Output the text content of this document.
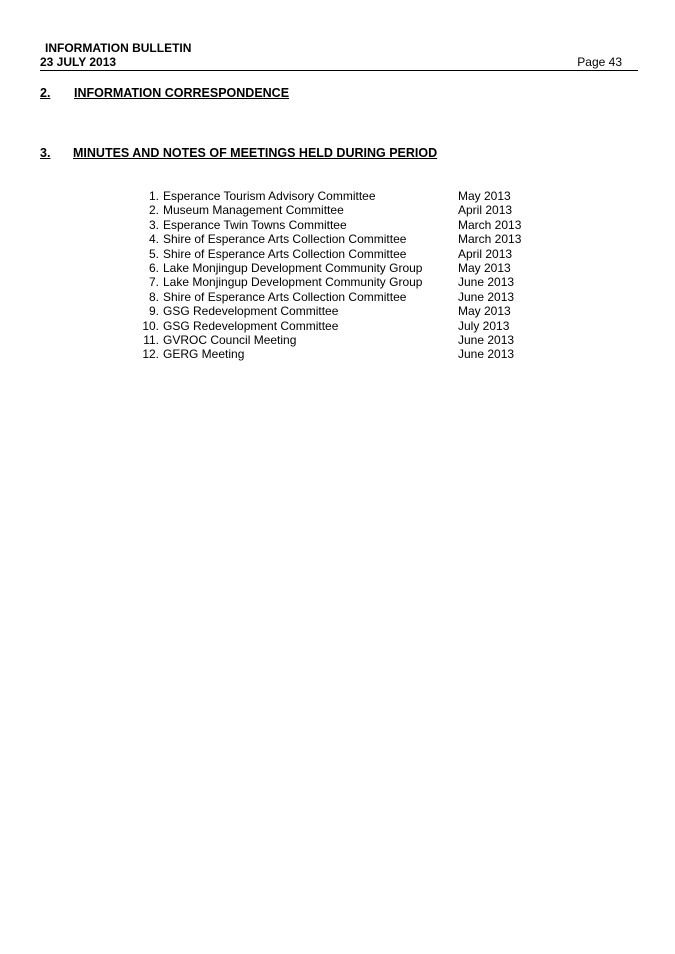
INFORMATION BULLETIN
23 JULY 2013	Page 43
2. INFORMATION CORRESPONDENCE
3. MINUTES AND NOTES OF MEETINGS HELD DURING PERIOD
1. Esperance Tourism Advisory Committee	May 2013
2. Museum Management Committee	April 2013
3. Esperance Twin Towns Committee	March 2013
4. Shire of Esperance Arts Collection Committee	March 2013
5. Shire of Esperance Arts Collection Committee	April 2013
6. Lake Monjingup Development Community Group	May 2013
7. Lake Monjingup Development Community Group	June 2013
8. Shire of Esperance Arts Collection Committee	June 2013
9. GSG Redevelopment Committee	May 2013
10. GSG Redevelopment Committee	July 2013
11. GVROC Council Meeting	June 2013
12. GERG Meeting	June 2013
